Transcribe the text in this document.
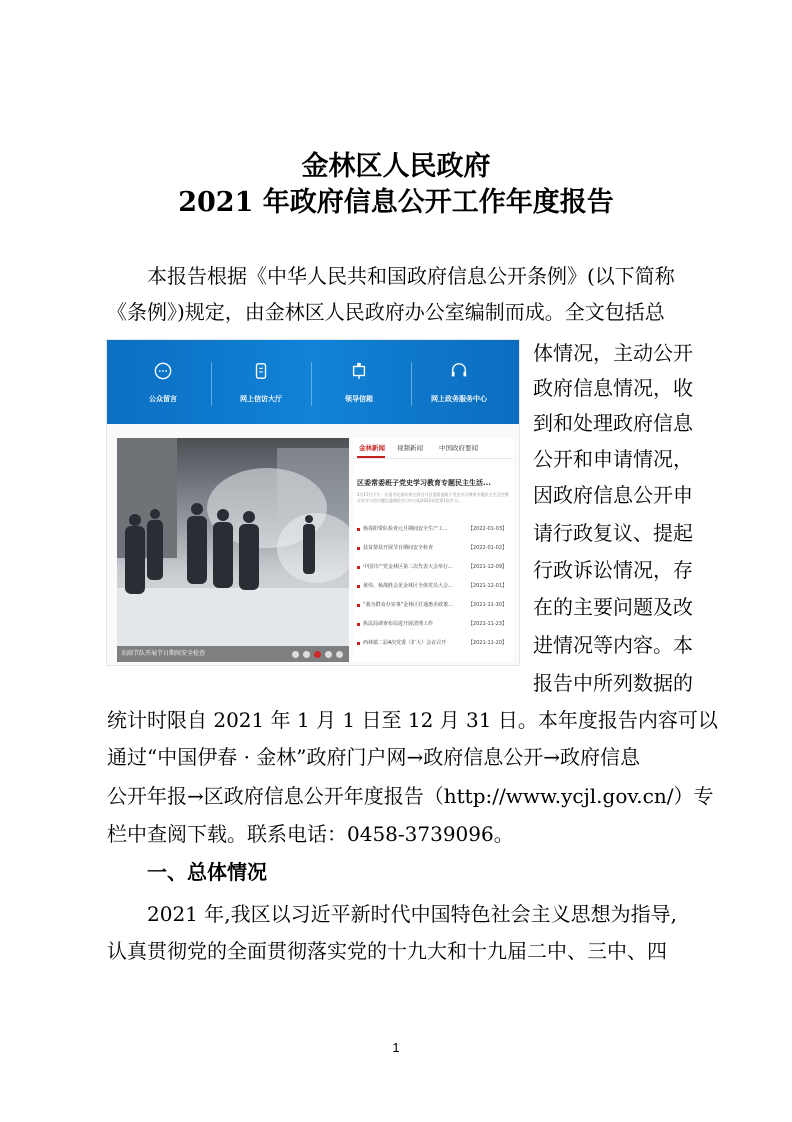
金林区人民政府
2021 年政府信息公开工作年度报告
本报告根据《中华人民共和国政府信息公开条例》(以下简称
《条例》)规定，由金林区人民政府办公室编制而成。全文包括总
体情况，主动公开
政府信息情况，收
到和处理政府信息
公开和申请情况，
因政府信息公开申
请行政复议、提起
行政诉讼情况，存
在的主要问题及改
进情况等内容。本
报告中所列数据的
统计时限自 2021 年 1 月 1 日至 12 月 31 日。本年度报告内容可以
通过“中国伊春 · 金林”政府门户网→政府信息公开→政府信息
公开年报→区政府信息公开年度报告（http://www.ycjl.gov.cn/）专
栏中查阅下载。联系电话：0458-3739096。
一、总体情况
2021 年,我区以习近平新时代中国特色社会主义思想为指导,
认真贯彻党的全面贯彻落实党的十九大和十九届二中、三中、四
1
公众留言	网上信访大厅	领导信箱	网上政务服务中心
农副节队开展节日期间安全检查
金林新闻 视频新闻 中国政府要闻
区委常委班子党史学习教育专题民主生活...
1月17日下午，区委书记梁东带主持召开区委常委班子党史学习教育专题民主生活会暨全年学习会议题区委理论学习中心组2022年度第1次学习...
杨春阳带队检查元旦期间安全生产工...	【2022-01-03】
扶贫帮扶开展节日期间安全检查	【2022-01-02】
中国共产党金林区第二次代表大会举行...	【2021-12-09】
黄伟、杨战胜会见金林区全体党员大会...	【2021-12-01】
“我为群众办实事”金林区打通惠企政策...	【2021-11-30】
执法局调查布局进开展清理工作	【2021-11-23】
西林镇二届4次党委（扩大）会议召开	【2021-11-20】
